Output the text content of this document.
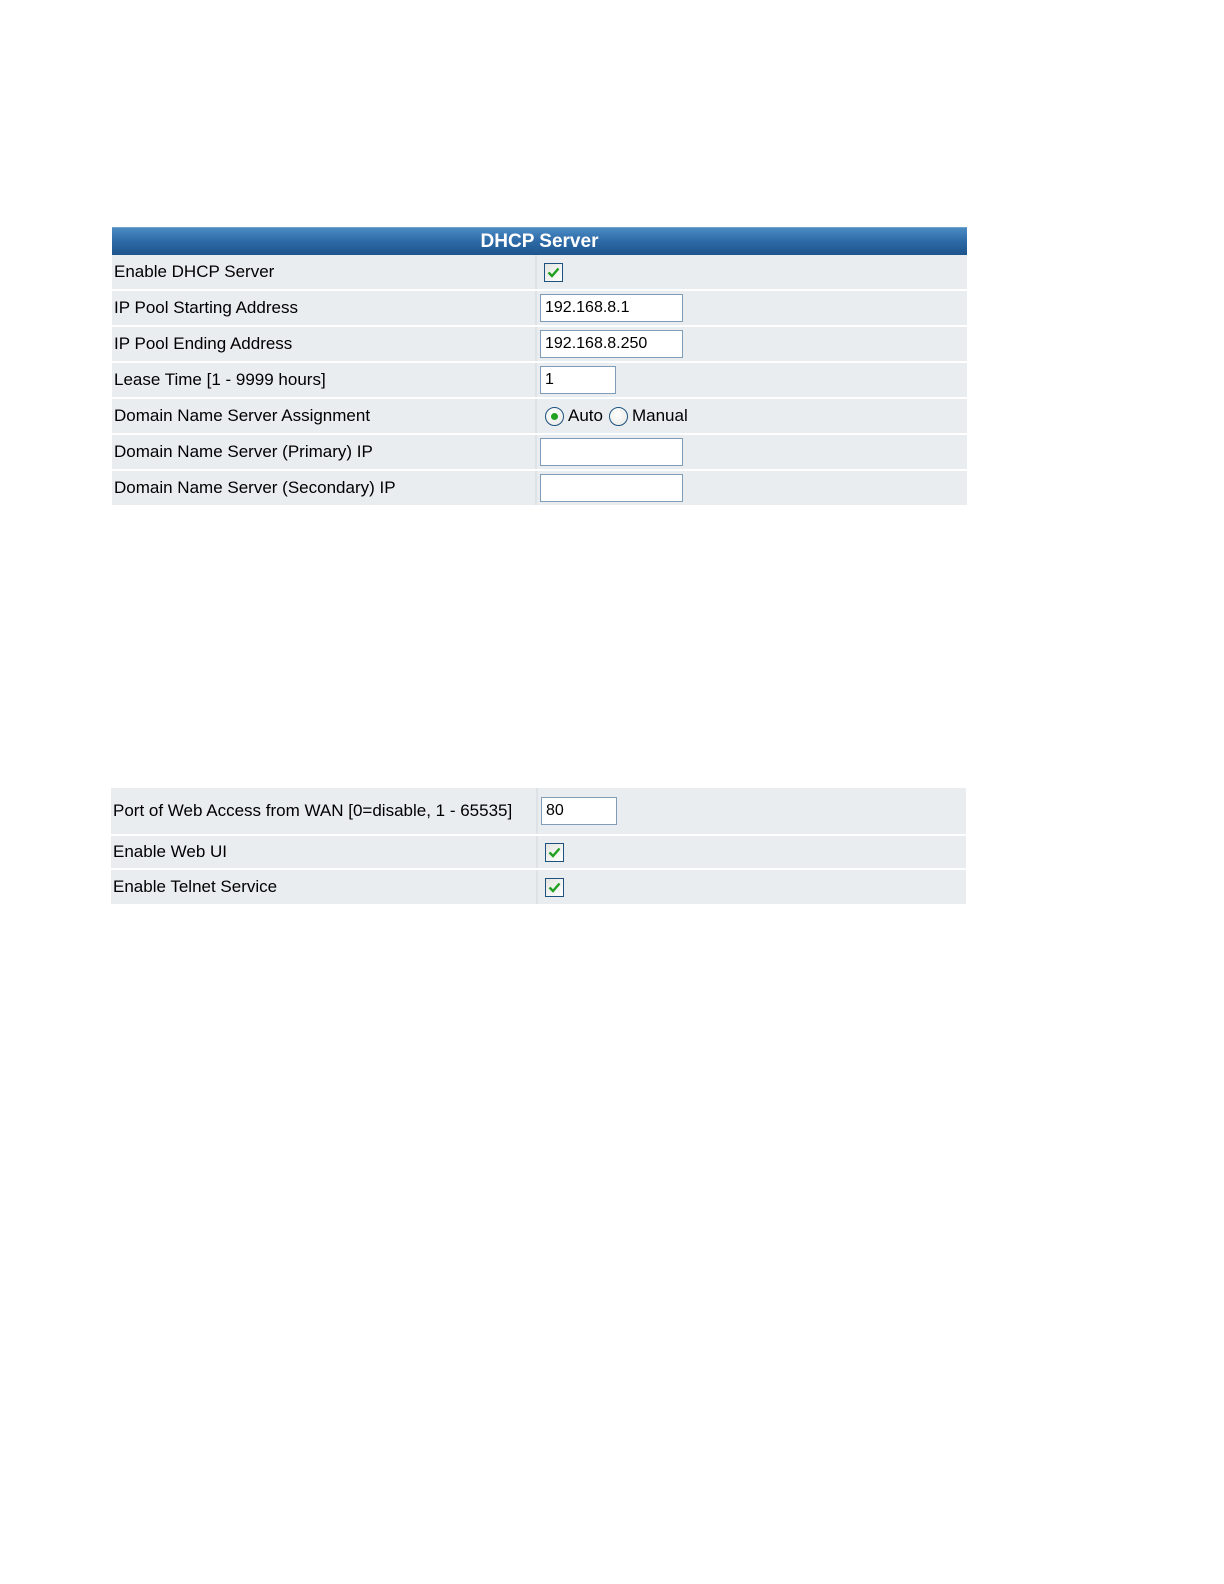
DHCP Server
Enable DHCP Server
IP Pool Starting Address
192.168.8.1
IP Pool Ending Address
192.168.8.250
Lease Time [1 - 9999 hours]
1
Domain Name Server Assignment	Auto Manual
Domain Name Server (Primary) IP
Domain Name Server (Secondary) IP
Port of Web Access from WAN [0=disable, 1 - 65535]
80
Enable Web UI
Enable Telnet Service
